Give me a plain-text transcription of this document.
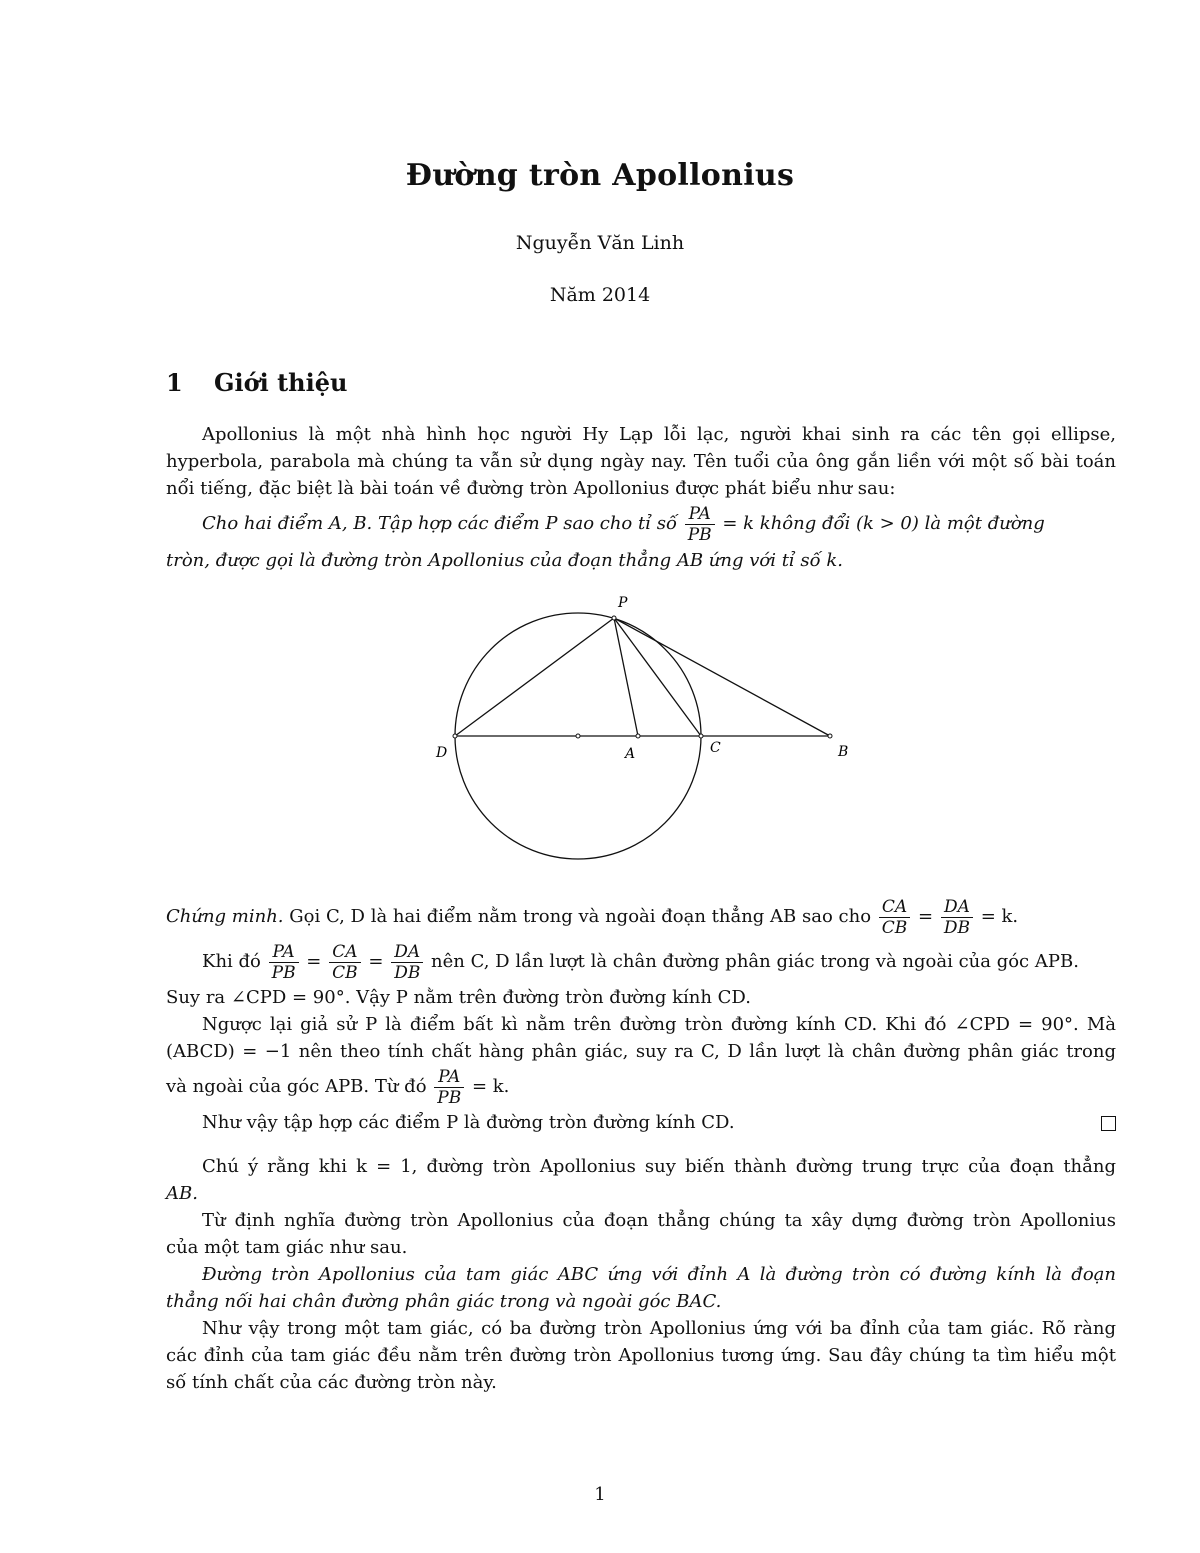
Đường tròn Apollonius
Nguyễn Văn Linh
Năm 2014
1 Giới thiệu
Apollonius là một nhà hình học người Hy Lạp lỗi lạc, người khai sinh ra các tên gọi ellipse,
hyperbola, parabola mà chúng ta vẫn sử dụng ngày nay. Tên tuổi của ông gắn liền với một số bài toán
nổi tiếng, đặc biệt là bài toán về đường tròn Apollonius được phát biểu như sau:
Cho hai điểm A, B. Tập hợp các điểm P sao cho tỉ số $\frac{PA}{PB} = k$ không đổi (k > 0) là một đường
tròn, được gọi là đường tròn Apollonius của đoạn thẳng AB ứng với tỉ số k.
P
D	A	C	B
Chứng minh. Gọi C, D là hai điểm nằm trong và ngoài đoạn thẳng AB sao cho $\frac{CA}{CB} = \frac{DA}{DB} = k$.
Khi đó $\frac{PA}{PB} = \frac{CA}{CB} = \frac{DA}{DB}$ nên C, D lần lượt là chân đường phân giác trong và ngoài của góc APB.
Suy ra ∠CPD = 90°. Vậy P nằm trên đường tròn đường kính CD.
Ngược lại giả sử P là điểm bất kì nằm trên đường tròn đường kính CD. Khi đó ∠CPD = 90°. Mà
(ABCD) = −1 nên theo tính chất hàng phân giác, suy ra C, D lần lượt là chân đường phân giác trong
và ngoài của góc APB. Từ đó $\frac{PA}{PB} = k$.
Như vậy tập hợp các điểm P là đường tròn đường kính CD.
Chú ý rằng khi k = 1, đường tròn Apollonius suy biến thành đường trung trực của đoạn thẳng
AB.
Từ định nghĩa đường tròn Apollonius của đoạn thẳng chúng ta xây dựng đường tròn Apollonius
của một tam giác như sau.
Đường tròn Apollonius của tam giác ABC ứng với đỉnh A là đường tròn có đường kính là đoạn
thẳng nối hai chân đường phân giác trong và ngoài góc BAC.
Như vậy trong một tam giác, có ba đường tròn Apollonius ứng với ba đỉnh của tam giác. Rõ ràng
các đỉnh của tam giác đều nằm trên đường tròn Apollonius tương ứng. Sau đây chúng ta tìm hiểu một
số tính chất của các đường tròn này.
1
